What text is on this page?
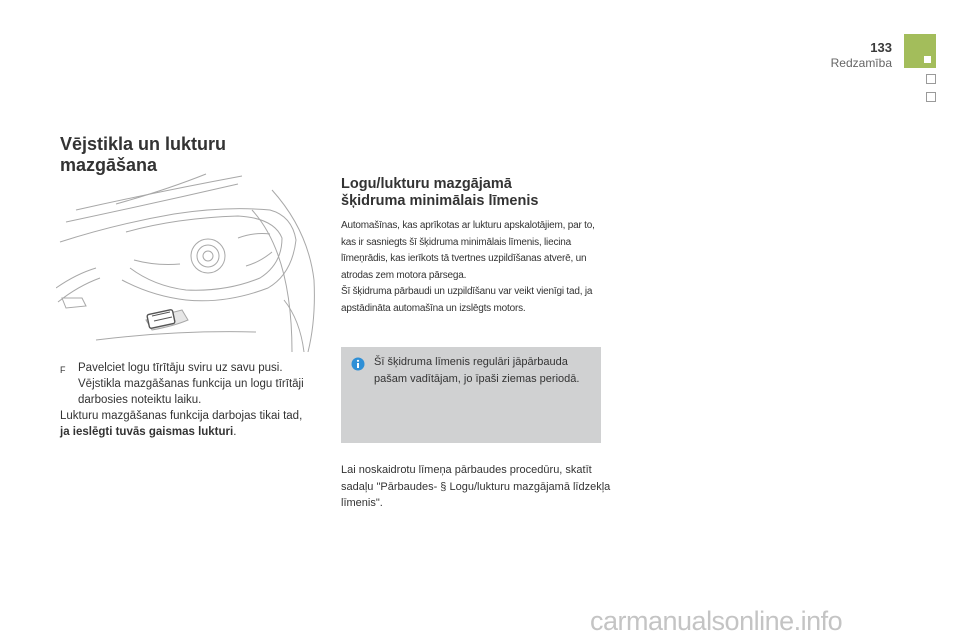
133
Redzamība
Vējstikla un lukturu
mazgāšana
F	Pavelciet logu tīrītāju sviru uz savu pusi. Vējstikla mazgāšanas funkcija un logu tīrītāji darbosies noteiktu laiku.
Lukturu mazgāšanas funkcija darbojas tikai tad,
ja ieslēgti tuvās gaismas lukturi.
Logu/lukturu mazgājamā
šķidruma minimālais līmenis
Automašīnas, kas aprīkotas ar lukturu apskalotājiem, par to, kas ir sasniegts šī šķidruma minimālais līmenis, liecina līmeņrādis, kas ierīkots tā tvertnes uzpildīšanas atverē, un atrodas zem motora pārsega.
Šī šķidruma pārbaudi un uzpildīšanu var veikt vienīgi tad, ja apstādināta automašīna un izslēgts motors.
Šī šķidruma līmenis regulāri jāpārbauda pašam vadītājam, jo īpaši ziemas periodā.
Lai noskaidrotu līmeņa pārbaudes procedūru, skatīt sadaļu "Pārbaudes- § Logu/lukturu mazgājamā līdzekļa līmenis".
carmanualsonline.info
